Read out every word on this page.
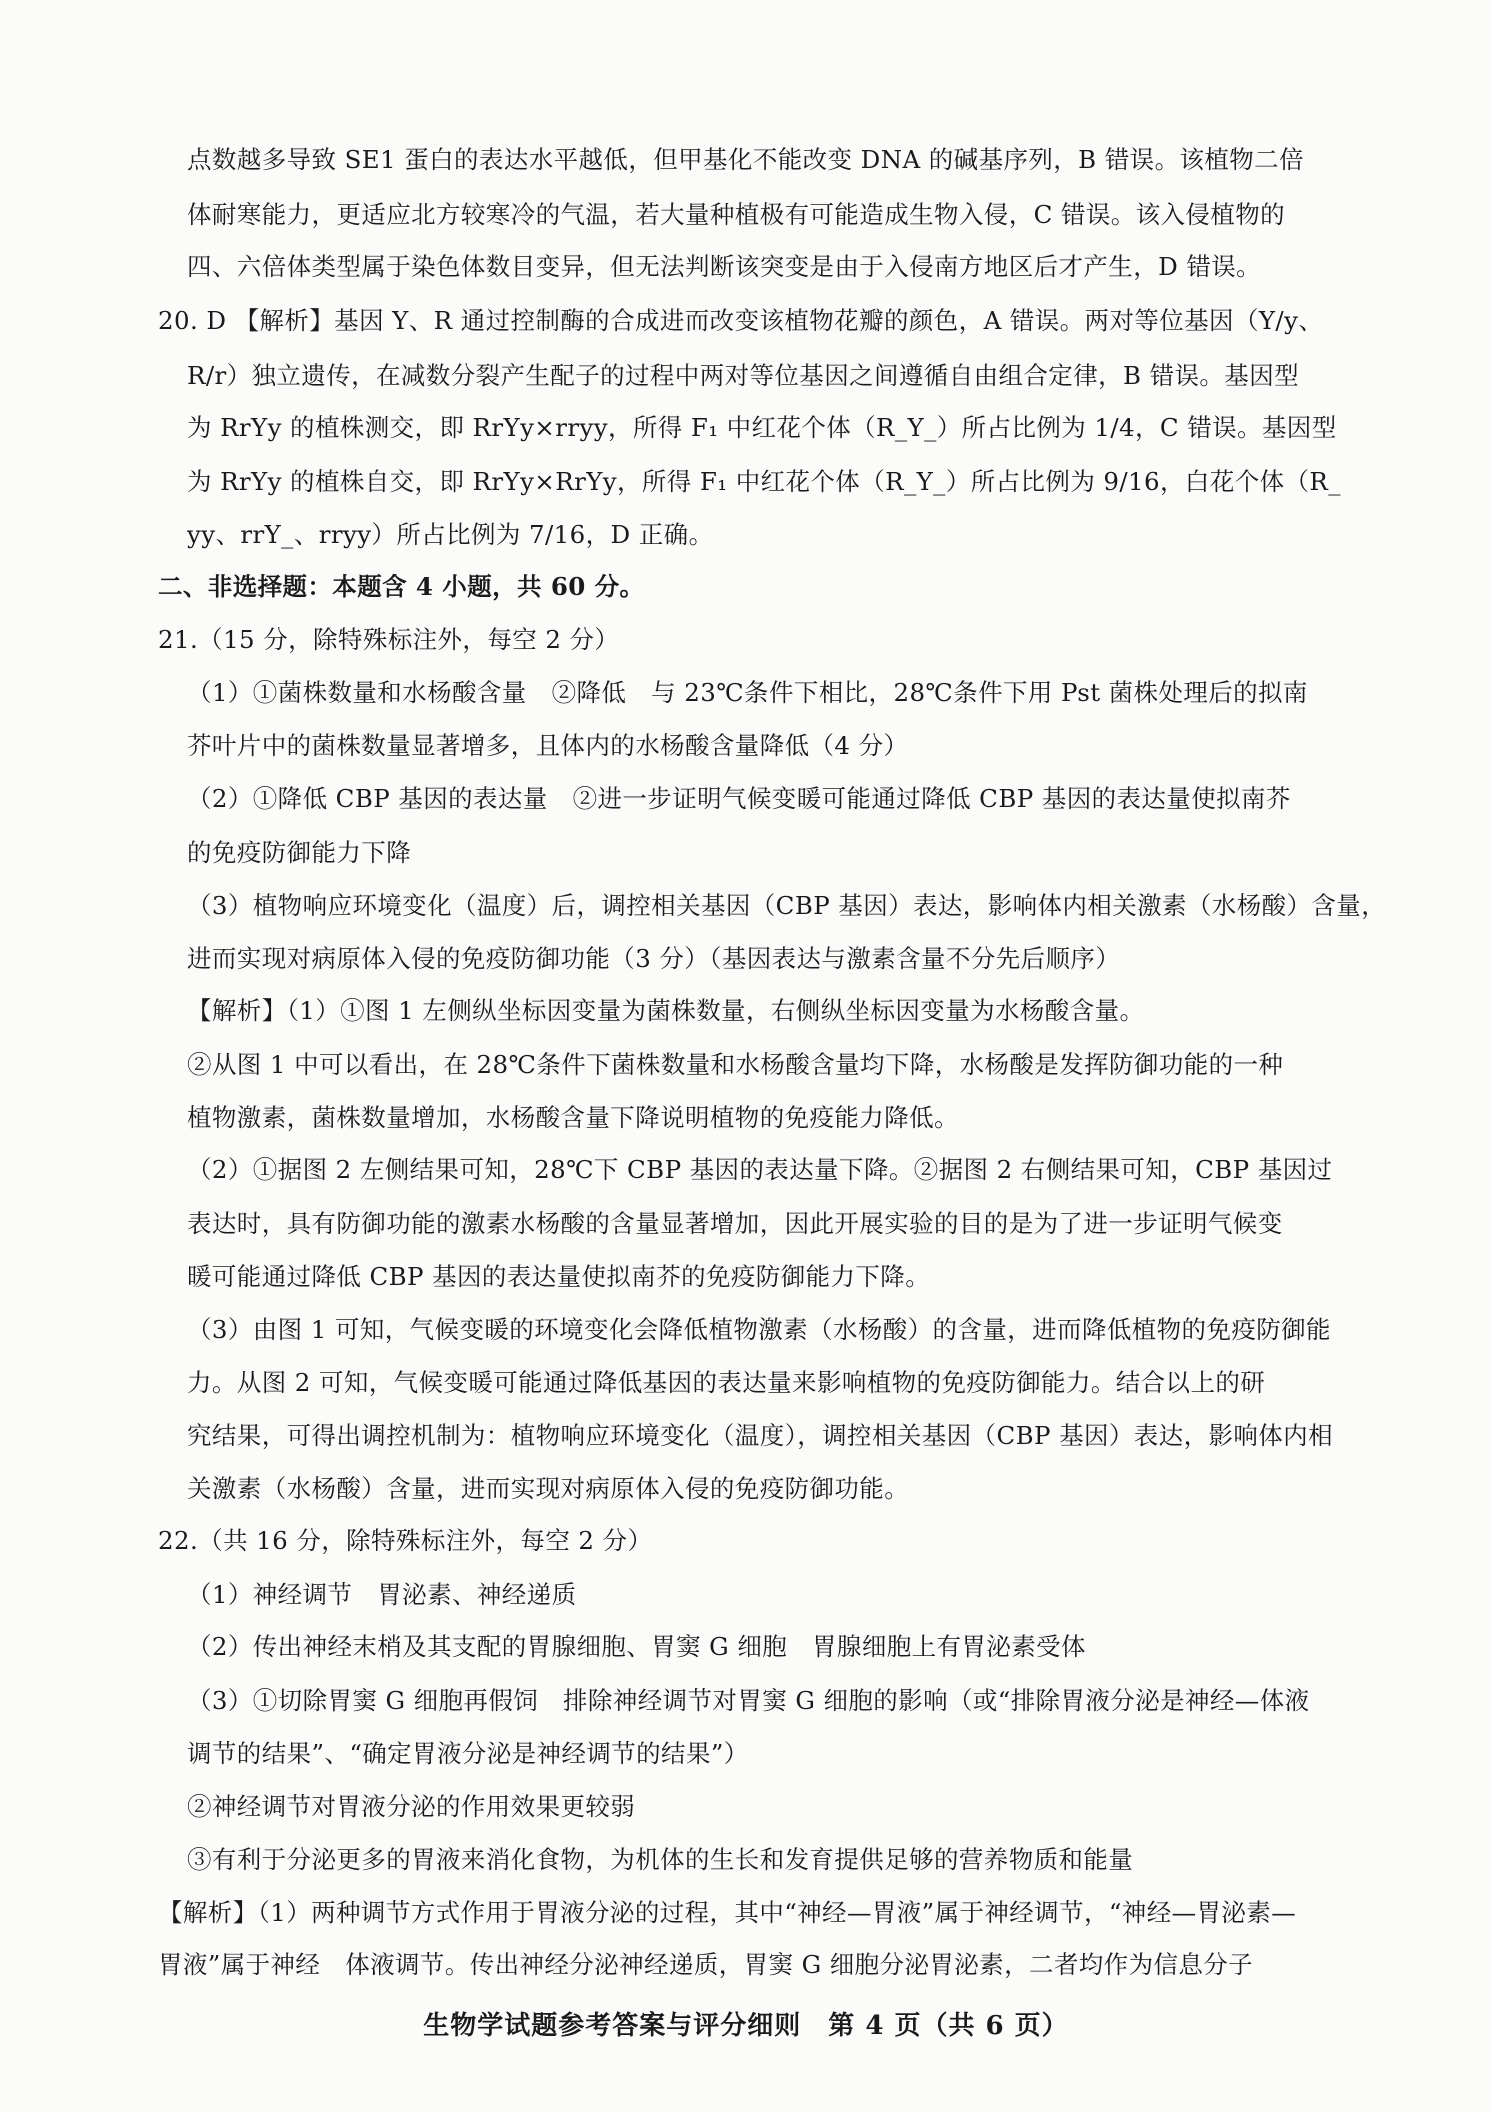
点数越多导致 SE1 蛋白的表达水平越低，但甲基化不能改变 DNA 的碱基序列，B 错误。该植物二倍
体耐寒能力，更适应北方较寒冷的气温，若大量种植极有可能造成生物入侵，C 错误。该入侵植物的
四、六倍体类型属于染色体数目变异，但无法判断该突变是由于入侵南方地区后才产生，D 错误。
20. D 【解析】基因 Y、R 通过控制酶的合成进而改变该植物花瓣的颜色，A 错误。两对等位基因（Y/y、
R/r）独立遗传，在减数分裂产生配子的过程中两对等位基因之间遵循自由组合定律，B 错误。基因型
为 RrYy 的植株测交，即 RrYy×rryy，所得 F₁ 中红花个体（R_Y_）所占比例为 1/4，C 错误。基因型
为 RrYy 的植株自交，即 RrYy×RrYy，所得 F₁ 中红花个体（R_Y_）所占比例为 9/16，白花个体（R_
yy、rrY_、rryy）所占比例为 7/16，D 正确。
二、非选择题：本题含 4 小题，共 60 分。
21.（15 分，除特殊标注外，每空 2 分）
（1）①菌株数量和水杨酸含量　②降低　与 23℃条件下相比，28℃条件下用 Pst 菌株处理后的拟南
芥叶片中的菌株数量显著增多，且体内的水杨酸含量降低（4 分）
（2）①降低 CBP 基因的表达量　②进一步证明气候变暖可能通过降低 CBP 基因的表达量使拟南芥
的免疫防御能力下降
（3）植物响应环境变化（温度）后，调控相关基因（CBP 基因）表达，影响体内相关激素（水杨酸）含量，
进而实现对病原体入侵的免疫防御功能（3 分）（基因表达与激素含量不分先后顺序）
【解析】（1）①图 1 左侧纵坐标因变量为菌株数量，右侧纵坐标因变量为水杨酸含量。
②从图 1 中可以看出，在 28℃条件下菌株数量和水杨酸含量均下降，水杨酸是发挥防御功能的一种
植物激素，菌株数量增加，水杨酸含量下降说明植物的免疫能力降低。
（2）①据图 2 左侧结果可知，28℃下 CBP 基因的表达量下降。②据图 2 右侧结果可知，CBP 基因过
表达时，具有防御功能的激素水杨酸的含量显著增加，因此开展实验的目的是为了进一步证明气候变
暖可能通过降低 CBP 基因的表达量使拟南芥的免疫防御能力下降。
（3）由图 1 可知，气候变暖的环境变化会降低植物激素（水杨酸）的含量，进而降低植物的免疫防御能
力。从图 2 可知，气候变暖可能通过降低基因的表达量来影响植物的免疫防御能力。结合以上的研
究结果，可得出调控机制为：植物响应环境变化（温度），调控相关基因（CBP 基因）表达，影响体内相
关激素（水杨酸）含量，进而实现对病原体入侵的免疫防御功能。
22.（共 16 分，除特殊标注外，每空 2 分）
（1）神经调节　胃泌素、神经递质
（2）传出神经末梢及其支配的胃腺细胞、胃窦 G 细胞　胃腺细胞上有胃泌素受体
（3）①切除胃窦 G 细胞再假饲　排除神经调节对胃窦 G 细胞的影响（或“排除胃液分泌是神经—体液
调节的结果”、“确定胃液分泌是神经调节的结果”）
②神经调节对胃液分泌的作用效果更较弱
③有利于分泌更多的胃液来消化食物，为机体的生长和发育提供足够的营养物质和能量
【解析】（1）两种调节方式作用于胃液分泌的过程，其中“神经—胃液”属于神经调节，“神经—胃泌素—
胃液”属于神经　体液调节。传出神经分泌神经递质，胃窦 G 细胞分泌胃泌素，二者均作为信息分子
生物学试题参考答案与评分细则　第 4 页（共 6 页）
